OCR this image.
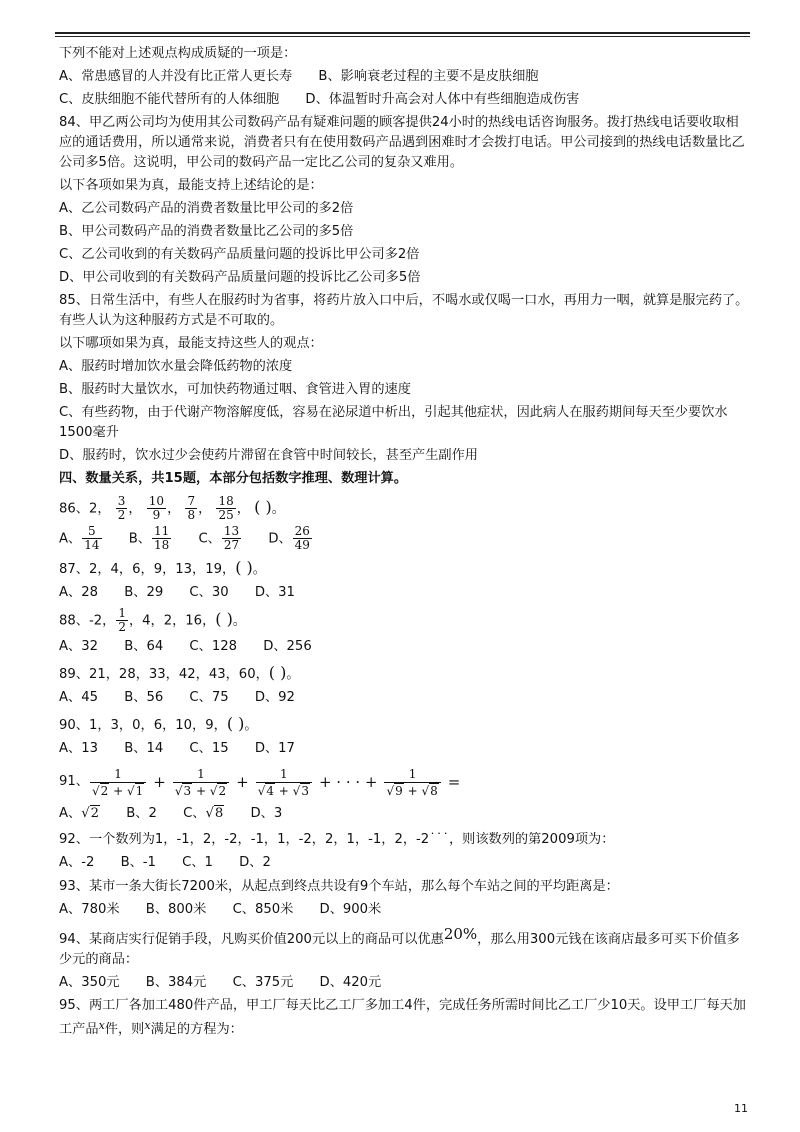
下列不能对上述观点构成质疑的一项是：

A、常患感冒的人并没有比正常人更长寿 B、影响衰老过程的主要不是皮肤细胞
C、皮肤细胞不能代替所有的人体细胞 D、体温暂时升高会对人体中有些细胞造成伤害

84、甲乙两公司均为使用其公司数码产品有疑难问题的顾客提供24小时的热线电话咨询服务。拨打热线电话要收取相应的通话费用，所以通常来说，消费者只有在使用数码产品遇到困难时才会拨打电话。甲公司接到的热线电话数量比乙公司多5倍。这说明，甲公司的数码产品一定比乙公司的复杂又难用。

以下各项如果为真，最能支持上述结论的是：

A、乙公司数码产品的消费者数量比甲公司的多2倍

B、甲公司数码产品的消费者数量比乙公司的多5倍

C、乙公司收到的有关数码产品质量问题的投诉比甲公司多2倍

D、甲公司收到的有关数码产品质量问题的投诉比乙公司多5倍

85、日常生活中，有些人在服药时为省事，将药片放入口中后，不喝水或仅喝一口水，再用力一咽，就算是服完药了。有些人认为这种服药方式是不可取的。

以下哪项如果为真，最能支持这些人的观点：

A、服药时增加饮水量会降低药物的浓度

B、服药时大量饮水，可加快药物通过咽、食管进入胃的速度

C、有些药物，由于代谢产物溶解度低，容易在泌尿道中析出，引起其他症状，因此病人在服药期间每天至少要饮水1500毫升

D、服药时，饮水过少会使药片滞留在食管中时间较长，甚至产生副作用

四、数量关系，共15题，本部分包括数字推理、数理计算。

86、2， $\frac{3}{2}$ ， $\frac{10}{9}$ ， $\frac{7}{8}$ ， $\frac{18}{25}$ ， ( )。
A、 $\frac{5}{14}$ B、 $\frac{11}{18}$ C、 $\frac{13}{27}$ D、 $\frac{26}{49}$
87、2，4，6，9，13，19，( )。
A、28 B、29 C、30 D、31
88、-2， $\frac{1}{2}$ ，4，2，16，( )。
A、32 B、64 C、128 D、256
89、21，28，33，42，43，60，( )。
A、45 B、56 C、75 D、92
90、1，3，0，6，10，9，( )。
A、13 B、14 C、15 D、17
91、 $\frac{1}{√2 + √1} + \frac{1}{√3 + √2} + \frac{1}{√4 + √3}$ + · · · + $\frac{1}{√9 + √8}$ =
A、√2 B、2 C、√8 D、3

92、一个数列为1，-1，2，-2，-1，1，-2，2，1，-1，2，-2˙˙˙，则该数列的第2009项为：

A、-2 B、-1 C、1 D、2

93、某市一条大街长7200米，从起点到终点共设有9个车站，那么每个车站之间的平均距离是：

A、780米 B、800米 C、850米 D、900米

94、某商店实行促销手段，凡购买价值200元以上的商品可以优惠20%，那么用300元钱在该商店最多可买下价值多少元的商品：

A、350元 B、384元 C、375元 D、420元

95、两工厂各加工480件产品，甲工厂每天比乙工厂多加工4件，完成任务所需时间比乙工厂少10天。设甲工厂每天加工产品$^x$件，则$^x$满足的方程为：

11
